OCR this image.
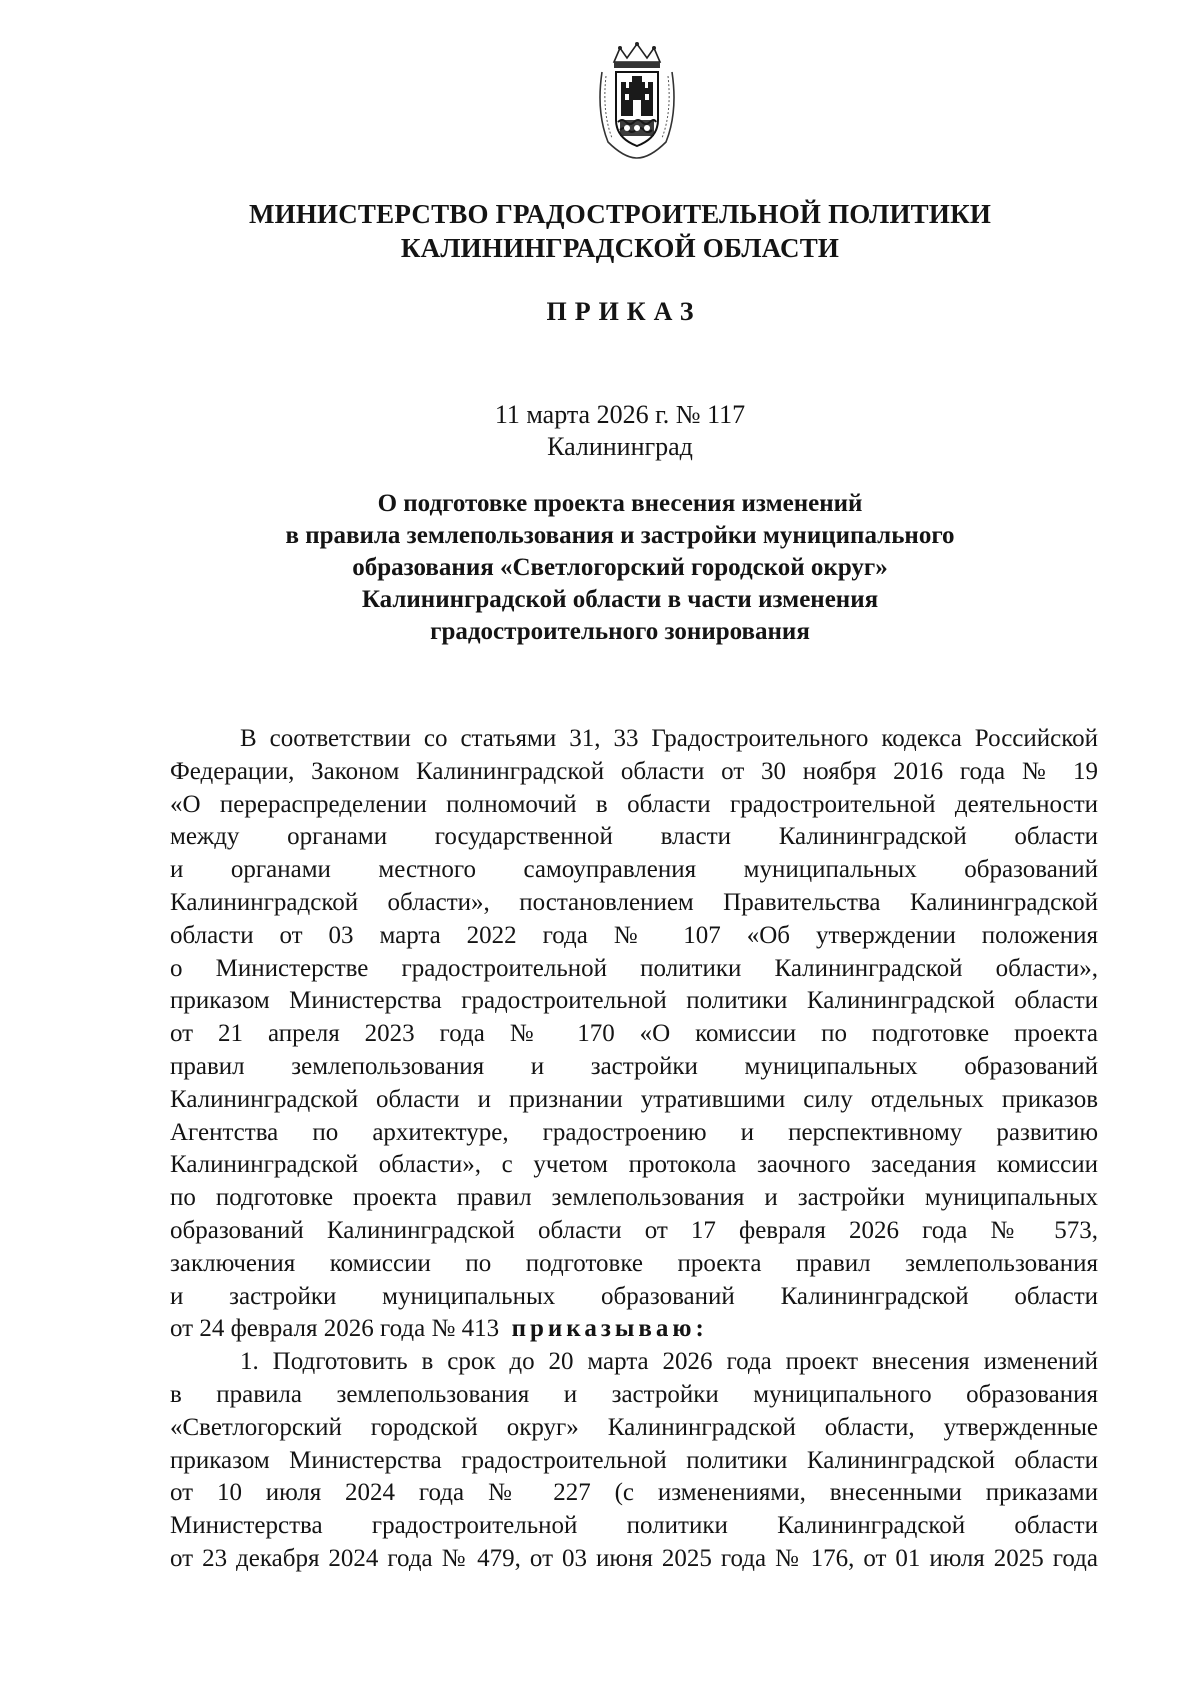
МИНИСТЕРСТВО ГРАДОСТРОИТЕЛЬНОЙ ПОЛИТИКИ
КАЛИНИНГРАДСКОЙ ОБЛАСТИ
ПРИКАЗ
11 марта 2026 г. № 117
Калининград
О подготовке проекта внесения изменений
в правила землепользования и застройки муниципального
образования «Светлогорский городской округ»
Калининградской области в части изменения
градостроительного зонирования
В соответствии со статьями 31, 33 Градостроительного кодекса Российской
Федерации, Законом Калининградской области от 30 ноября 2016 года № 19
«О перераспределении полномочий в области градостроительной деятельности
между органами государственной власти Калининградской области
и органами местного самоуправления муниципальных образований
Калининградской области», постановлением Правительства Калининградской
области от 03 марта 2022 года № 107 «Об утверждении положения
о Министерстве градостроительной политики Калининградской области»,
приказом Министерства градостроительной политики Калининградской области
от 21 апреля 2023 года № 170 «О комиссии по подготовке проекта
правил землепользования и застройки муниципальных образований
Калининградской области и признании утратившими силу отдельных приказов
Агентства по архитектуре, градостроению и перспективному развитию
Калининградской области», с учетом протокола заочного заседания комиссии
по подготовке проекта правил землепользования и застройки муниципальных
образований Калининградской области от 17 февраля 2026 года № 573,
заключения комиссии по подготовке проекта правил землепользования
и застройки муниципальных образований Калининградской области
от 24 февраля 2026 года № 413 приказываю:
1. Подготовить в срок до 20 марта 2026 года проект внесения изменений
в правила землепользования и застройки муниципального образования
«Светлогорский городской округ» Калининградской области, утвержденные
приказом Министерства градостроительной политики Калининградской области
от 10 июля 2024 года № 227 (с изменениями, внесенными приказами
Министерства градостроительной политики Калининградской области
от 23 декабря 2024 года № 479, от 03 июня 2025 года № 176, от 01 июля 2025 года
